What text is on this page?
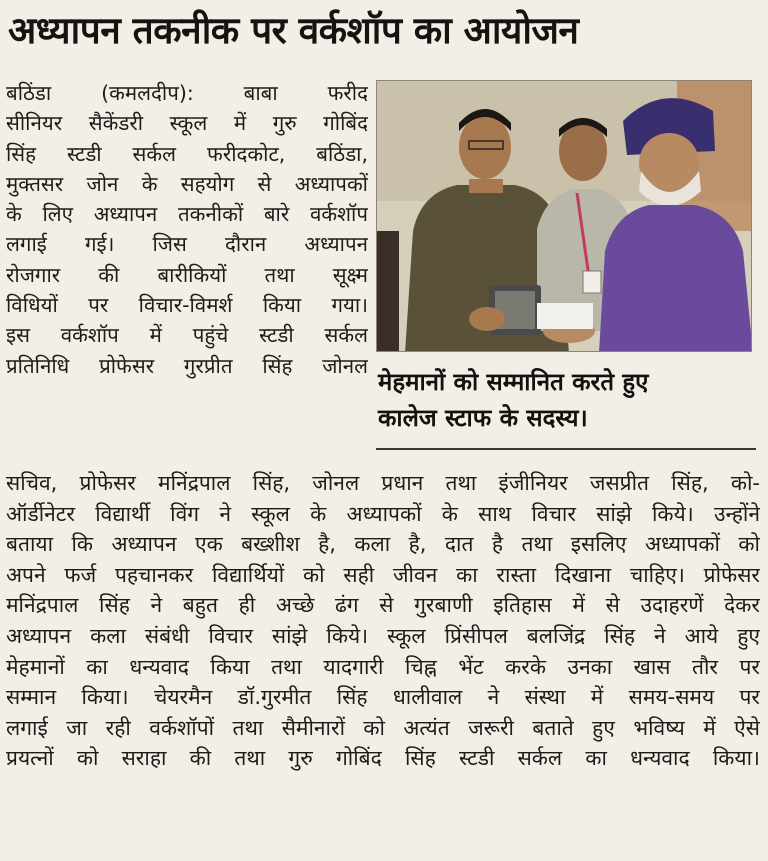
अध्यापन तकनीक पर वर्कशॉप का आयोजन
बठिंडा (कमलदीप): बाबा फरीद
सीनियर सैकेंडरी स्कूल में गुरु गोबिंद
सिंह स्टडी सर्कल फरीदकोट, बठिंडा,
मुक्तसर जोन के सहयोग से अध्यापकों
के लिए अध्यापन तकनीकों बारे वर्कशॉप
लगाई गई। जिस दौरान अध्यापन
रोजगार की बारीकियों तथा सूक्ष्म
विधियों पर विचार-विमर्श किया गया।
इस वर्कशॉप में पहुंचे स्टडी सर्कल
प्रतिनिधि प्रोफेसर गुरप्रीत सिंह जोनल
मेहमानों को सम्मानित करते हुए
कालेज स्टाफ के सदस्य।
सचिव, प्रोफेसर मनिंद्रपाल सिंह, जोनल प्रधान तथा इंजीनियर जसप्रीत सिंह, को-
ऑर्डीनेटर विद्यार्थी विंग ने स्कूल के अध्यापकों के साथ विचार सांझे किये। उन्होंने
बताया कि अध्यापन एक बख्शीश है, कला है, दात है तथा इसलिए अध्यापकों को
अपने फर्ज पहचानकर विद्यार्थियों को सही जीवन का रास्ता दिखाना चाहिए। प्रोफेसर
मनिंद्रपाल सिंह ने बहुत ही अच्छे ढंग से गुरबाणी इतिहास में से उदाहरणें देकर
अध्यापन कला संबंधी विचार सांझे किये। स्कूल प्रिंसीपल बलजिंद्र सिंह ने आये हुए
मेहमानों का धन्यवाद किया तथा यादगारी चिह्न भेंट करके उनका खास तौर पर
सम्मान किया। चेयरमैन डॉ.गुरमीत सिंह धालीवाल ने संस्था में समय-समय पर
लगाई जा रही वर्कशॉपों तथा सैमीनारों को अत्यंत जरूरी बताते हुए भविष्य में ऐसे
प्रयत्नों को सराहा की तथा गुरु गोबिंद सिंह स्टडी सर्कल का धन्यवाद किया।
